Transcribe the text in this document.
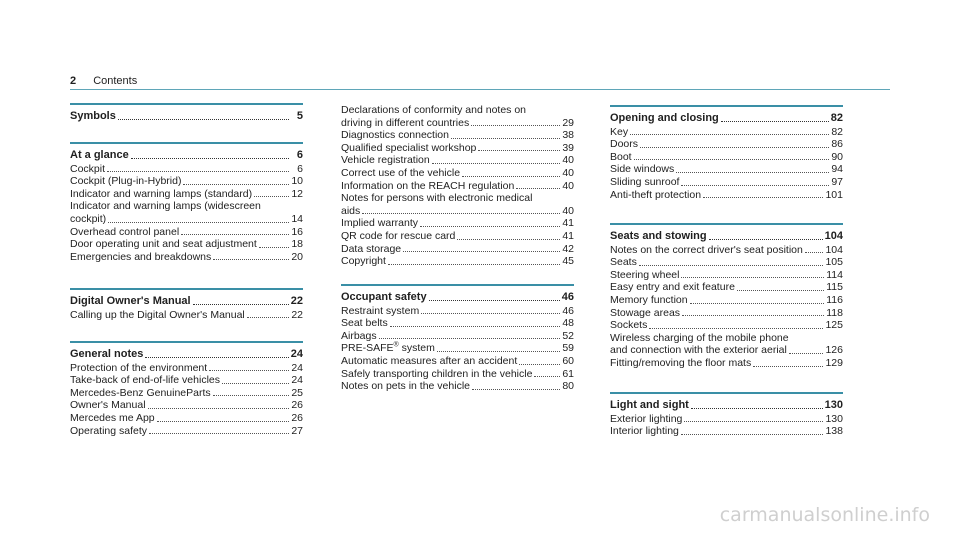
2 Contents
Symbols	5
At a glance	6
Cockpit	6
Cockpit (Plug-in-Hybrid)	10
Indicator and warning lamps (standard)	12
Indicator and warning lamps (widescreen
cockpit)	14
Overhead control panel	16
Door operating unit and seat adjustment	18
Emergencies and breakdowns	20
Digital Owner's Manual	22
Calling up the Digital Owner's Manual	22
General notes	24
Protection of the environment	24
Take-back of end-of-life vehicles	24
Mercedes-Benz GenuineParts	25
Owner's Manual	26
Mercedes me App	26
Operating safety	27
Declarations of conformity and notes on
driving in different countries	29
Diagnostics connection	38
Qualified specialist workshop	39
Vehicle registration	40
Correct use of the vehicle	40
Information on the REACH regulation	40
Notes for persons with electronic medical
aids	40
Implied warranty	41
QR code for rescue card	41
Data storage	42
Copyright	45
Occupant safety	46
Restraint system	46
Seat belts	48
Airbags	52
PRE-SAFE® system	59
Automatic measures after an accident	60
Safely transporting children in the vehicle	61
Notes on pets in the vehicle	80
Opening and closing	82
Key	82
Doors	86
Boot	90
Side windows	94
Sliding sunroof	97
Anti-theft protection	101
Seats and stowing	104
Notes on the correct driver's seat position 104
Seats	105
Steering wheel	114
Easy entry and exit feature	115
Memory function	116
Stowage areas	118
Sockets	125
Wireless charging of the mobile phone
and connection with the exterior aerial	126
Fitting/removing the floor mats	129
Light and sight	130
Exterior lighting	130
Interior lighting	138
carmanualsonline.info
